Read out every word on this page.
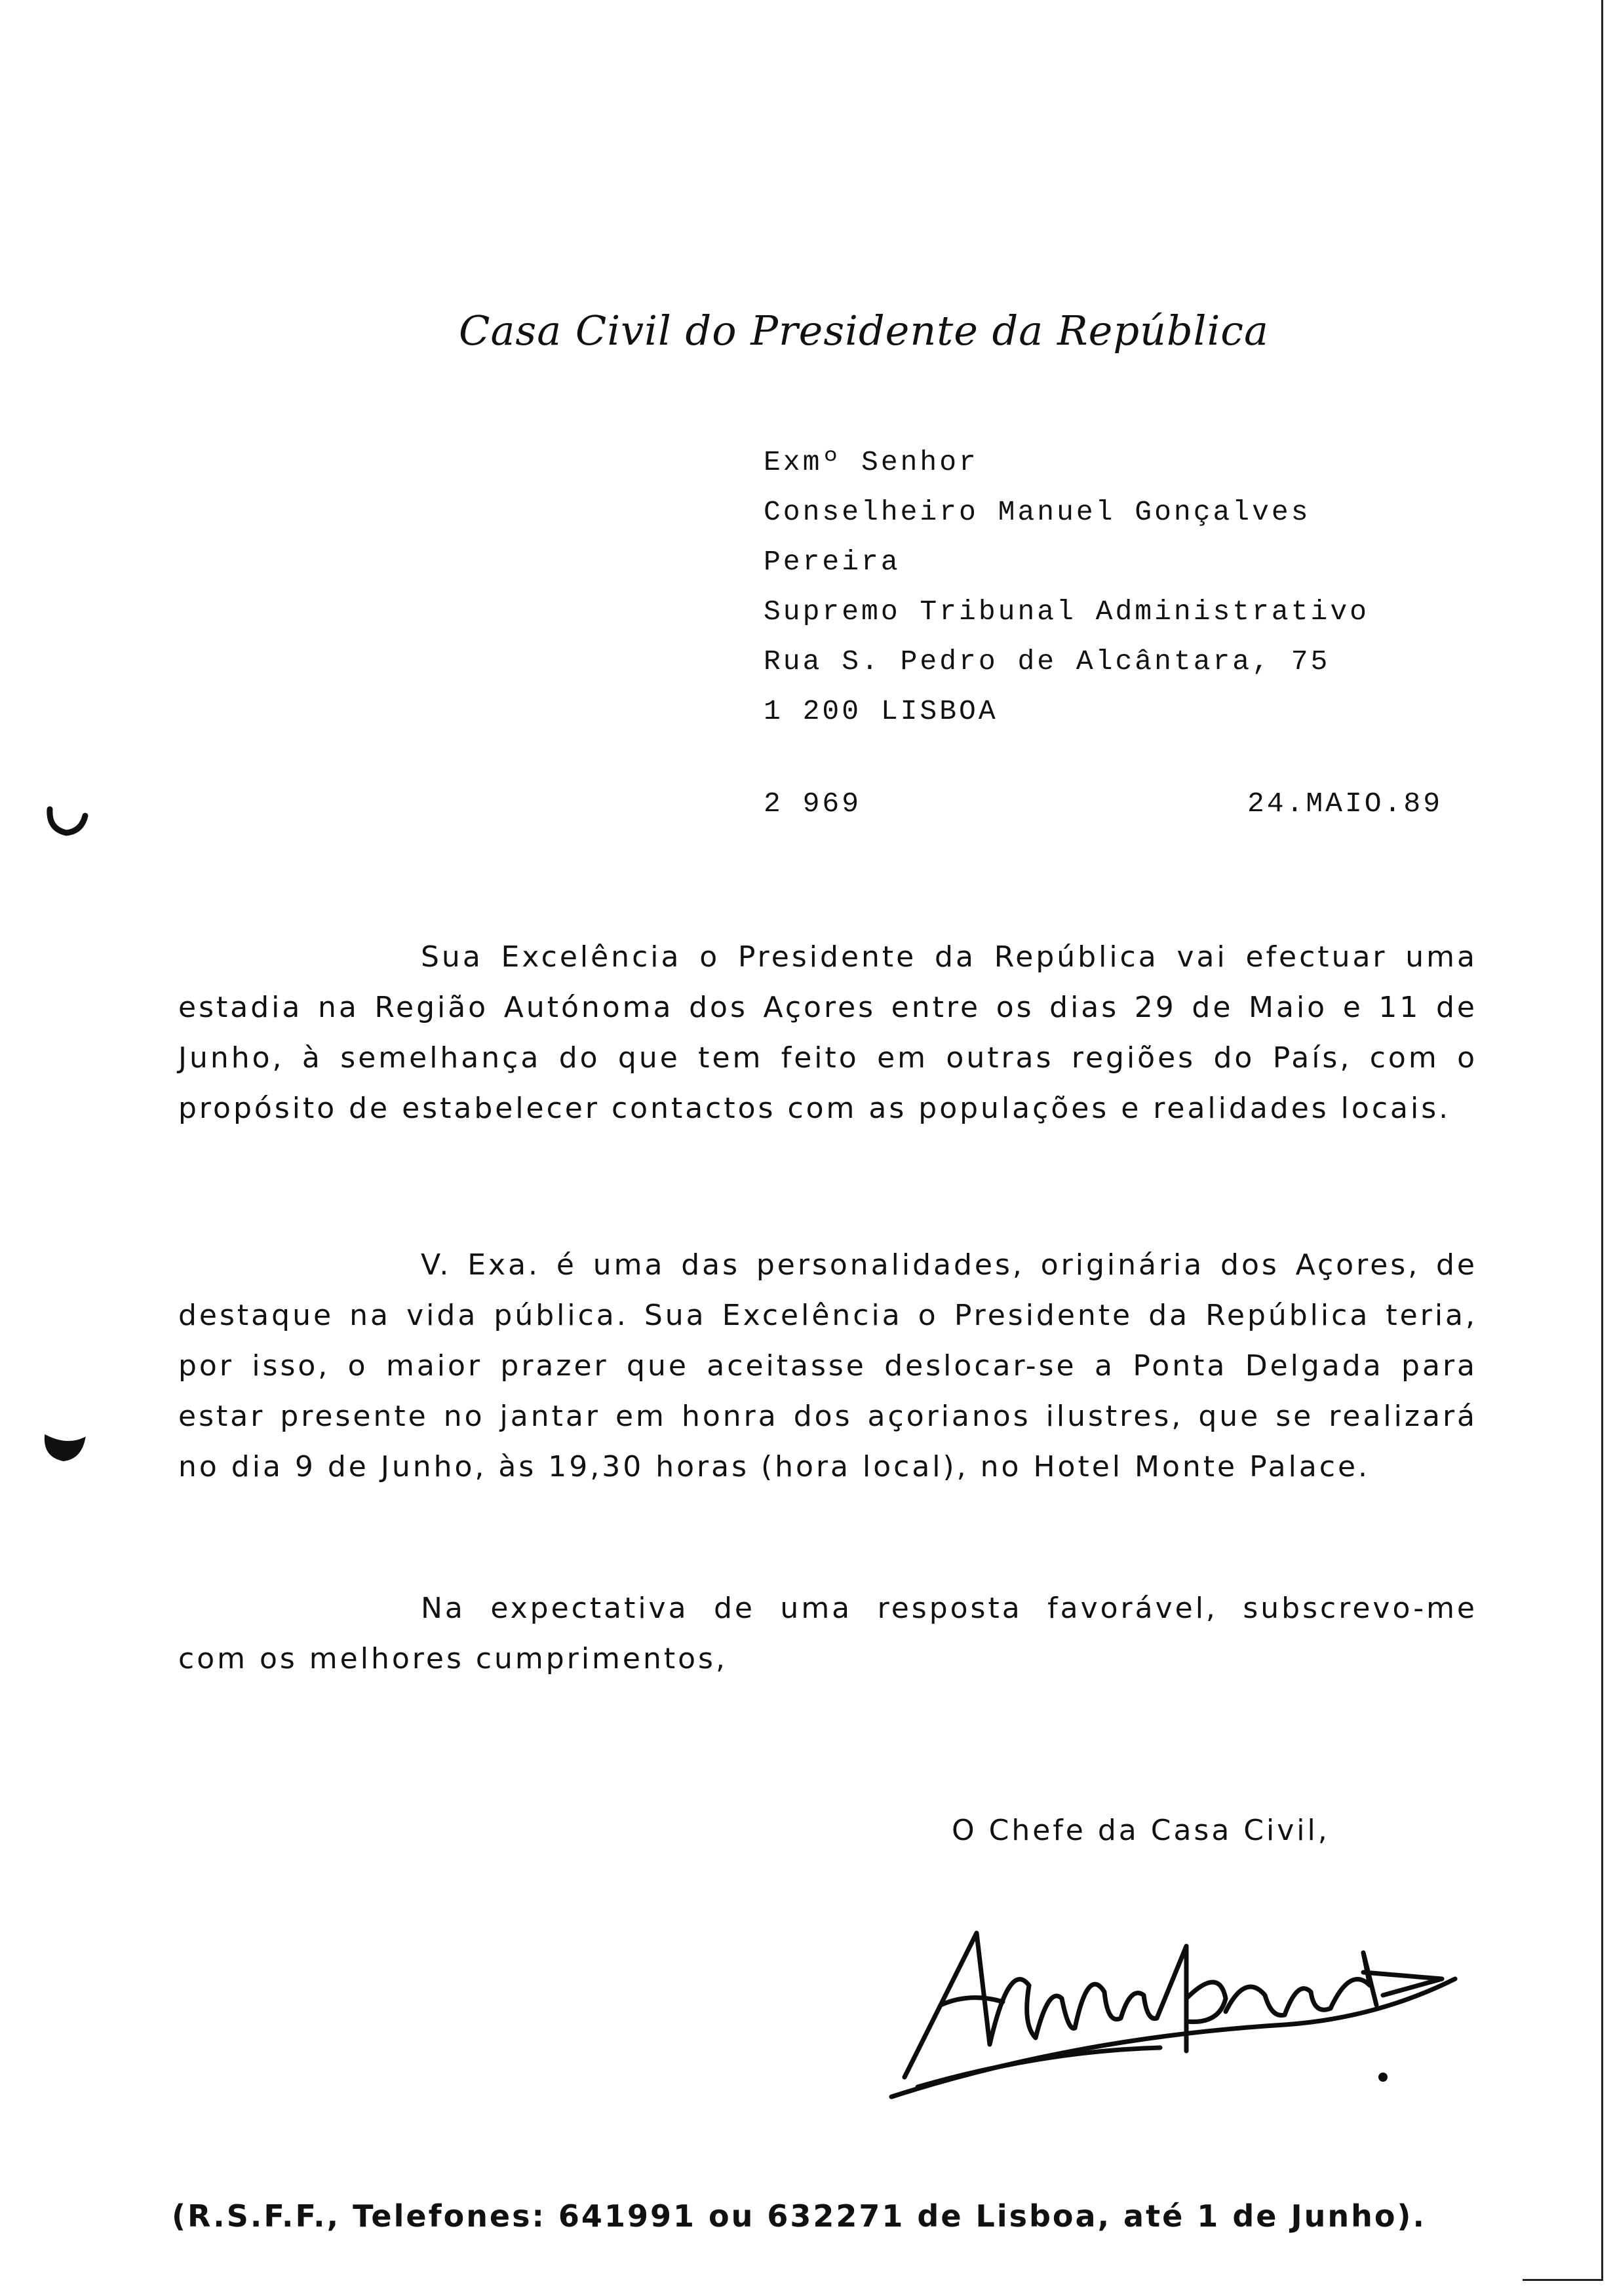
Casa Civil do Presidente da República
Exmº Senhor
Conselheiro Manuel Gonçalves
Pereira
Supremo Tribunal Administrativo
Rua S. Pedro de Alcântara, 75
1 200 LISBOA
2 969	24.MAIO.89

Sua Excelência o Presidente da República vai efectuar uma estadia na Região Autónoma dos Açores entre os dias 29 de Maio e 11 de Junho, à semelhança do que tem feito em outras regiões do País, com o propósito de estabelecer contactos com as populações e realidades locais.

V. Exa. é uma das personalidades, originária dos Açores, de destaque na vida pública. Sua Excelência o Presidente da República teria, por isso, o maior prazer que aceitasse deslocar-se a Ponta Delgada para estar presente no jantar em honra dos açorianos ilustres, que se realizará no dia 9 de Junho, às 19,30 horas (hora local), no Hotel Monte Palace.

Na expectativa de uma resposta favorável, subscrevo-me com os melhores cumprimentos,

O Chefe da Casa Civil,
(R.S.F.F., Telefones: 641991 ou 632271 de Lisboa, até 1 de Junho).
